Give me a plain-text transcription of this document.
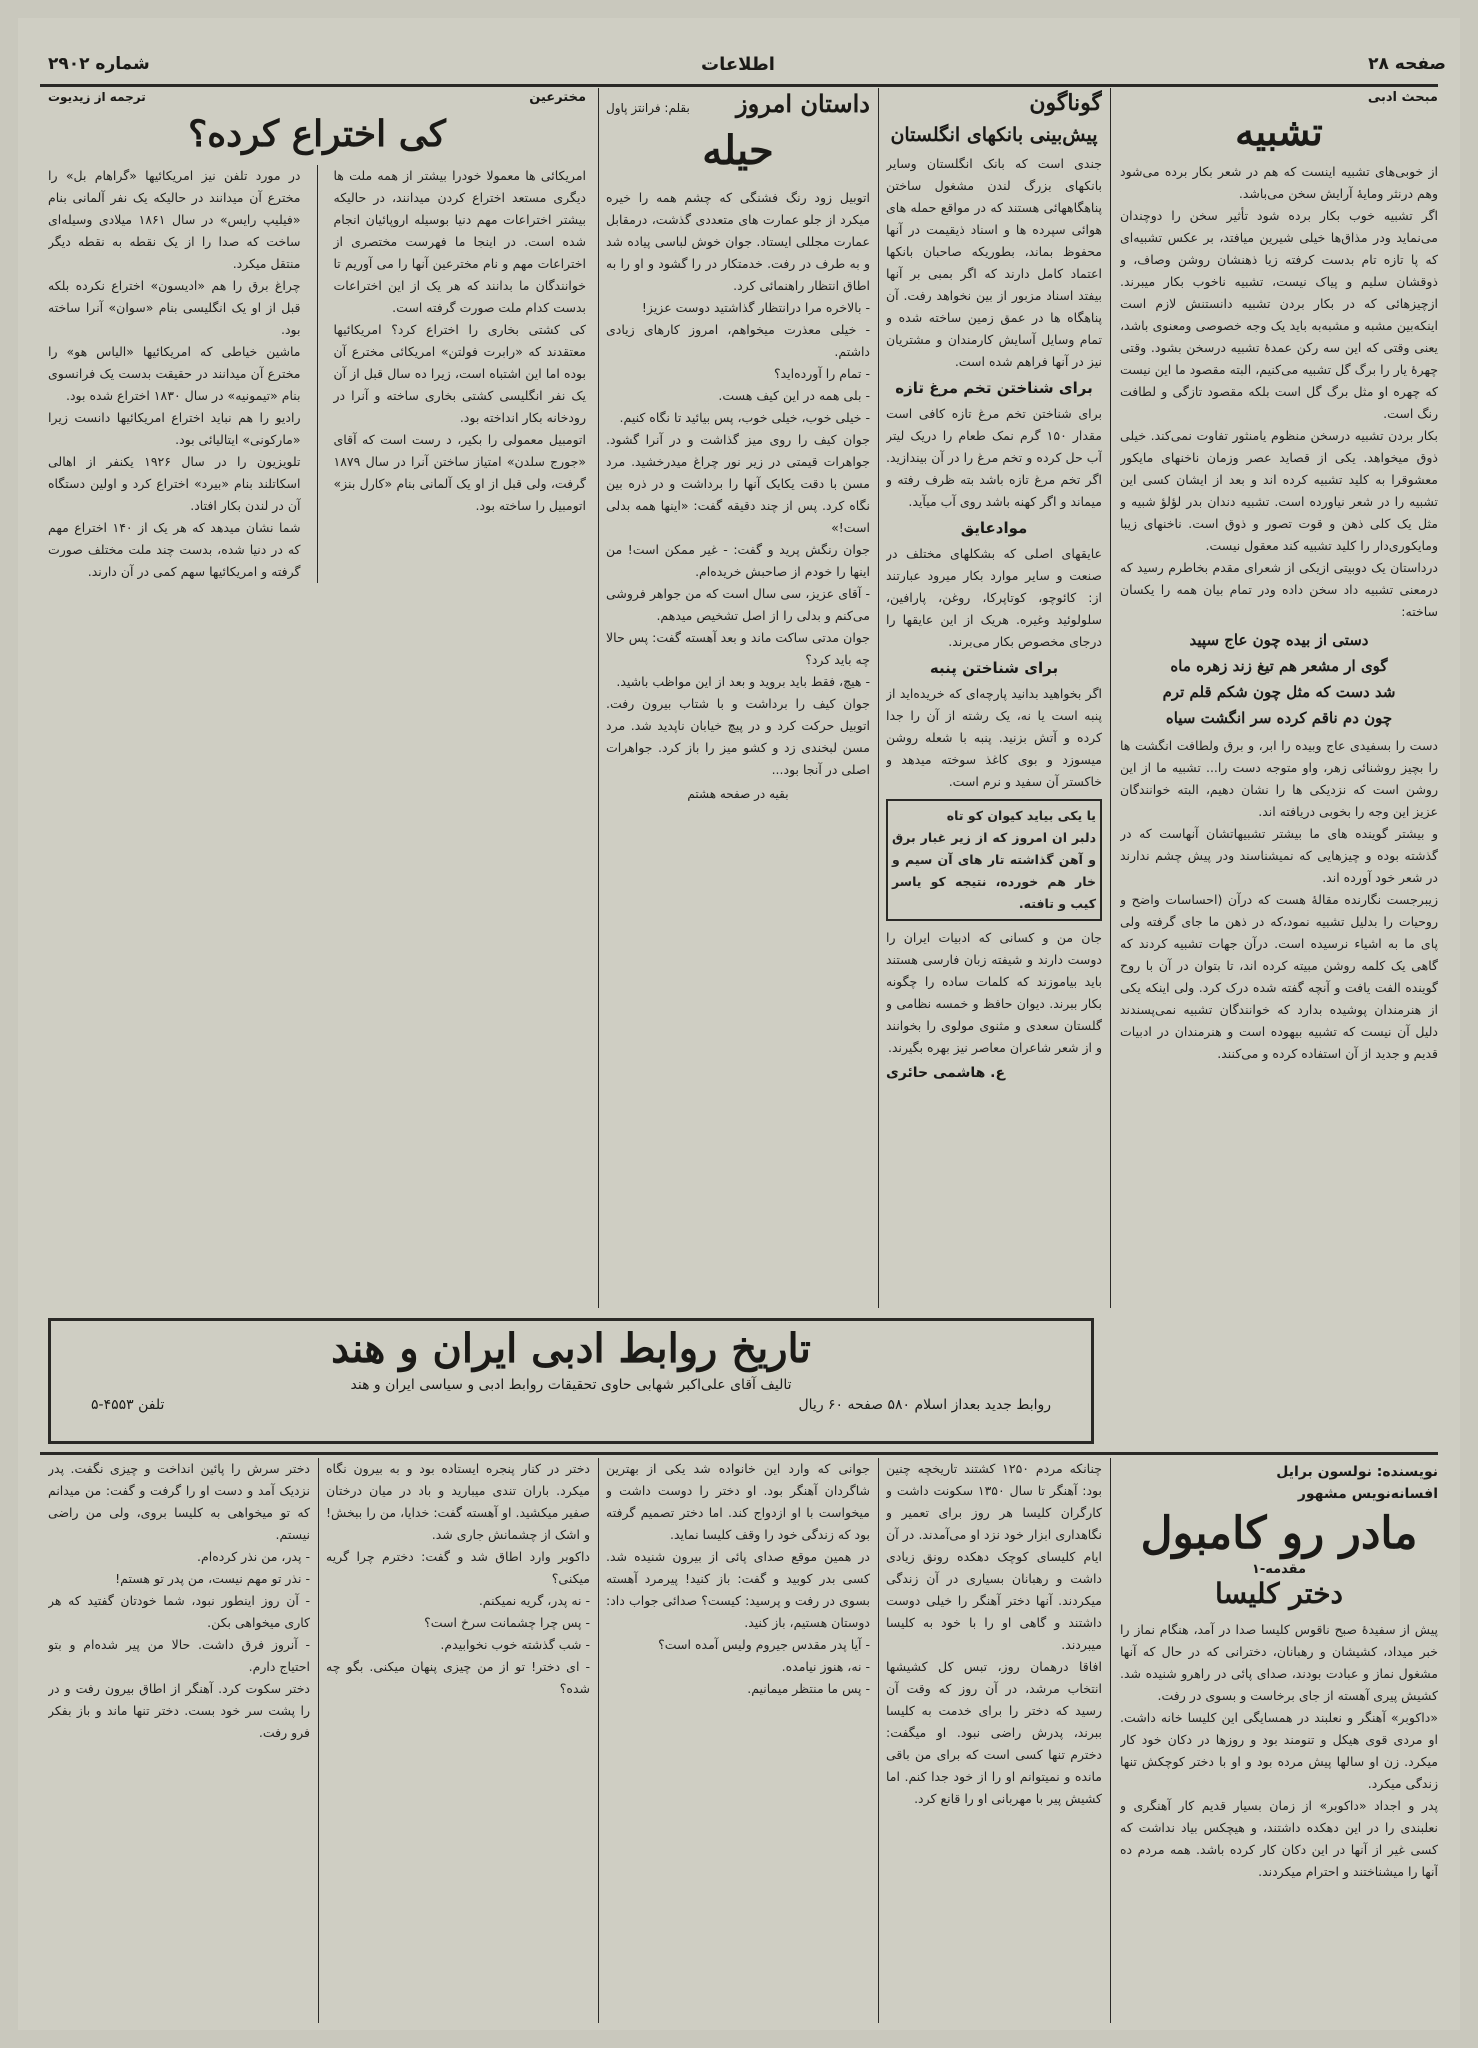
صفحه ۲۸
اطلاعات
شماره ۲۹۰۲
مبحث ادبی
تشبیه
از خوبی‌های تشبیه اینست که هم در شعر بکار برده می‌شود وهم درنثر ومایهٔ آرایش سخن می‌باشد.
اگر تشبیه خوب بکار برده شود تأثیر سخن را دوچندان می‌نماید ودر مذاق‌ها خیلی شیرین میافتد، بر عکس تشبیه‌ای که پا تازه تام بدست کرفته زیا ذهنشان روشن وصاف، و ذوقشان سلیم و پیاک نیست، تشبیه ناخوب بکار میبرند. ازچیزهائی که در بکار بردن تشبیه دانستنش لازم است اینکه‌بین مشبه و مشبه‌به باید یک وجه خصوصی ومعنوی باشد، یعنی وقتی که این سه رکن عمدهٔ تشبیه درسخن بشود. وقتی چهرهٔ یار را برگ گل تشبیه می‌کنیم، البته مقصود ما این نیست که چهره او مثل برگ گل است بلکه مقصود تازگی و لطافت رنگ است.
بکار بردن تشبیه درسخن منظوم یامنثور تفاوت نمی‌کند. خیلی ذوق میخواهد. یکی از قصاید عصر وزمان ناخنهای مایکور معشوقرا به کلید تشبیه کرده اند و بعد از ایشان کسی این تشبیه را در شعر نیاورده است. تشبیه دندان بدر لؤلؤ شبیه و مثل یک کلی ذهن و قوت تصور و ذوق است. ناخنهای زیبا ومایکوری‌دار را کلید تشبیه کند معقول نیست.
درداستان یک دوبیتی ازیکی از شعرای مقدم بخاطرم رسید که درمعنی تشبیه داد سخن داده ودر تمام بیان همه را یکسان ساخته:
دستی از بیده چون عاج سپید
گوی ار مشعر هم تیغ زند زهره ماه
شد دست که مثل چون شکم قلم ترم
چون دم ناقم کرده سر انگشت سیاه
دست را بسفیدی عاج وبیده را ابر، و برق ولطافت انگشت ها را بچیز روشنائی زهر، واو متوجه دست را... تشبیه ما از این روشن است که نزدیکی ها را نشان دهیم، البته خوانندگان عزیز این وجه را بخوبی دریافته اند.
و بیشتر گوینده های ما بیشتر تشبیهاتشان آنهاست که در گذشته بوده و چیزهایی که نمیشناسند ودر پیش چشم ندارند در شعر خود آورده اند.
زیبرجست نگارنده مقالهٔ هست که درآن (احساسات واضح و روحیات را بدلیل تشبیه نمود،که در ذهن ما جای گرفته ولی پای ما به اشیاء نرسیده است. درآن جهات تشبیه کردند که گاهی یک کلمه روشن مبیته کرده اند، تا بتوان در آن با روح گوینده الفت یافت و آنچه گفته شده درک کرد. ولی اینکه یکی از هنرمندان پوشیده بدارد که خوانندگان تشبیه نمی‌پسندند دلیل آن نیست که تشبیه بیهوده است و هنرمندان در ادبیات قدیم و جدید از آن استفاده کرده و می‌کنند.
گوناگون
پیش‌بینی بانکهای انگلستان
جندی است که بانک انگلستان وسایر بانکهای بزرگ لندن مشغول ساختن پناهگاههائی هستند که در مواقع حمله های هوائی سپرده ها و اسناد ذیقیمت در آنها محفوظ بماند، بطوریکه صاحبان بانکها اعتماد کامل دارند که اگر بمبی بر آنها بیفتد اسناد مزبور از بین نخواهد رفت. آن پناهگاه ها در عمق زمین ساخته شده و تمام وسایل آسایش کارمندان و مشتریان نیز در آنها فراهم شده است.
برای شناختن تخم مرغ تازه
برای شناختن تخم مرغ تازه کافی است مقدار ۱۵۰ گرم نمک طعام را دریک لیتر آب حل کرده و تخم مرغ را در آن بیندازید. اگر تخم مرغ تازه باشد بته ظرف رفته و میماند و اگر کهنه باشد روی آب میآید.
موادعایق
عایقهای اصلی که بشکلهای مختلف در صنعت و سایر موارد بکار میرود عبارتند از: کائوچو، کوتاپرکا، روغن، پارافین، سلولوئید وغیره. هریک از این عایقها را درجای مخصوص بکار می‌برند.
برای شناختن پنبه
اگر بخواهید بدانید پارچه‌ای که خریده‌اید از پنبه است یا نه، یک رشته از آن را جدا کرده و آتش بزنید. پنبه با شعله روشن میسوزد و بوی کاغذ سوخته میدهد و خاکستر آن سفید و نرم است.
یا یکی بیاید کیوان کو تاه
دلبر ان امروز که از زیر غبار برق و آهن گذاشته تار های آن سیم و خار هم خورده، نتیجه کو یاسر کیب و تافته.
جان من و کسانی که ادبیات ایران را دوست دارند و شیفته زبان فارسی هستند باید بیاموزند که کلمات ساده را چگونه بکار ببرند. دیوان حافظ و خمسه نظامی و گلستان سعدی و مثنوی مولوی را بخوانند و از شعر شاعران معاصر نیز بهره بگیرند.
ع. هاشمی حائری
داستان امروز
بقلم: فرانتز پاول
حیله
اتوبیل زود رنگ فشنگی که چشم همه را خیره میکرد از جلو عمارت های متعددی گذشت، درمقابل عمارت مجللی ایستاد. جوان خوش لباسی پیاده شد و به طرف در رفت. خدمتکار در را گشود و او را به اطاق انتظار راهنمائی کرد.
- بالاخره مرا درانتظار گذاشتید دوست عزیز!
- خیلی معذرت میخواهم، امروز کارهای زیادی داشتم.
- تمام را آورده‌اید؟
- بلی همه در این کیف هست.
- خیلی خوب، خیلی خوب، پس بیائید تا نگاه کنیم.
جوان کیف را روی میز گذاشت و در آنرا گشود. جواهرات قیمتی در زیر نور چراغ میدرخشید. مرد مسن با دقت یکایک آنها را برداشت و در ذره بین نگاه کرد. پس از چند دقیقه گفت: «اینها همه بدلی است!»
جوان رنگش پرید و گفت: - غیر ممکن است! من اینها را خودم از صاحبش خریده‌ام.
- آقای عزیز، سی سال است که من جواهر فروشی می‌کنم و بدلی را از اصل تشخیص میدهم.
جوان مدتی ساکت ماند و بعد آهسته گفت: پس حالا چه باید کرد؟
- هیچ، فقط باید بروید و بعد از این مواظب باشید.
جوان کیف را برداشت و با شتاب بیرون رفت. اتوبیل حرکت کرد و در پیچ خیابان ناپدید شد. مرد مسن لبخندی زد و کشو میز را باز کرد. جواهرات اصلی در آنجا بود...
بقیه در صفحه هشتم
مخترعین
ترجمه از زیدیوت
کی اختراع کرده؟
امریکائی ها معمولا خودرا بیشتر از همه ملت ها دیگری مستعد اختراع کردن میدانند، در حالیکه بیشتر اختراعات مهم دنیا بوسیله اروپائیان انجام شده است. در اینجا ما فهرست مختصری از اختراعات مهم و نام مخترعین آنها را می آوریم تا خوانندگان ما بدانند که هر یک از این اختراعات بدست کدام ملت صورت گرفته است.
کی کشتی بخاری را اختراع کرد؟ امریکائیها معتقدند که «رابرت فولتن» امریکائی مخترع آن بوده اما این اشتباه است، زیرا ده سال قبل از آن یک نفر انگلیسی کشتی بخاری ساخته و آنرا در رودخانه بکار انداخته بود.
اتومبیل معمولی را بکیر، د رست است که آقای «جورج سلدن» امتیاز ساختن آنرا در سال ۱۸۷۹ گرفت، ولی قبل از او یک آلمانی بنام «کارل بنز» اتومبیل را ساخته بود.
در مورد تلفن نیز امریکائیها «گراهام بل» را مخترع آن میدانند در حالیکه یک نفر آلمانی بنام «فیلیپ رایس» در سال ۱۸۶۱ میلادی وسیله‌ای ساخت که صدا را از یک نقطه به نقطه دیگر منتقل میکرد.
چراغ برق را هم «ادیسون» اختراع نکرده بلکه قبل از او یک انگلیسی بنام «سوان» آنرا ساخته بود.
ماشین خیاطی که امریکائیها «الیاس هو» را مخترع آن میدانند در حقیقت بدست یک فرانسوی بنام «تیمونیه» در سال ۱۸۳۰ اختراع شده بود.
رادیو را هم نباید اختراع امریکائیها دانست زیرا «مارکونی» ایتالیائی بود.
تلویزیون را در سال ۱۹۲۶ یکنفر از اهالی اسکاتلند بنام «بیرد» اختراع کرد و اولین دستگاه آن در لندن بکار افتاد.
شما نشان میدهد که هر یک از ۱۴۰ اختراع مهم که در دنیا شده، بدست چند ملت مختلف صورت گرفته و امریکائیها سهم کمی در آن دارند.
تاریخ روابط ادبی ایران و هند
تالیف آقای علی‌اکبر شهابی حاوی تحقیقات روابط ادبی و سیاسی ایران و هند
روابط جدید بعداز اسلام ۵۸۰ صفحه ۶۰ ریال
تلفن ۴۵۵۳-۵
نویسنده: نولسون برایل
افسانه‌نویس مشهور
مادر رو کامبول
مقدمه-۱
دختر کلیسا
پیش از سفیدهٔ صبح ناقوس کلیسا صدا در آمد، هنگام نماز را خبر میداد، کشیشان و رهبانان، دخترانی که در حال که آنها مشغول نماز و عبادت بودند، صدای پائی در راهرو شنیده شد. کشیش پیری آهسته از جای برخاست و بسوی در رفت.
«داکوبر» آهنگر و نعلبند در همسایگی این کلیسا خانه داشت. او مردی قوی هیکل و تنومند بود و روزها در دکان خود کار میکرد. زن او سالها پیش مرده بود و او با دختر کوچکش تنها زندگی میکرد.
پدر و اجداد «داکوبر» از زمان بسیار قدیم کار آهنگری و نعلبندی را در این دهکده داشتند، و هیچکس بیاد نداشت که کسی غیر از آنها در این دکان کار کرده باشد. همه مردم ده آنها را میشناختند و احترام میکردند.
چنانکه مردم ۱۲۵۰ کشتند تاریخچه چنین بود: آهنگر تا سال ۱۳۵۰ سکونت داشت و کارگران کلیسا هر روز برای تعمیر و نگاهداری ابزار خود نزد او می‌آمدند. در آن ایام کلیسای کوچک دهکده رونق زیادی داشت و رهبانان بسیاری در آن زندگی میکردند. آنها دختر آهنگر را خیلی دوست داشتند و گاهی او را با خود به کلیسا میبردند.
افاقا درهمان روز، تبس کل کشیشها انتخاب مرشد، در آن روز که وقت آن رسید که دختر را برای خدمت به کلیسا ببرند، پدرش راضی نبود. او میگفت: دخترم تنها کسی است که برای من باقی مانده و نمیتوانم او را از خود جدا کنم. اما کشیش پیر با مهربانی او را قانع کرد.
جوانی که وارد این خانواده شد یکی از بهترین شاگردان آهنگر بود. او دختر را دوست داشت و میخواست با او ازدواج کند. اما دختر تصمیم گرفته بود که زندگی خود را وقف کلیسا نماید.
در همین موقع صدای پائی از بیرون شنیده شد. کسی بدر کوبید و گفت: باز کنید! پیرمرد آهسته بسوی در رفت و پرسید: کیست؟ صدائی جواب داد: دوستان هستیم، باز کنید.
- آیا پدر مقدس جیروم ولیس آمده است؟
- نه، هنوز نیامده.
- پس ما منتظر میمانیم.
دختر در کنار پنجره ایستاده بود و به بیرون نگاه میکرد. باران تندی میبارید و باد در میان درختان صفیر میکشید. او آهسته گفت: خدایا، من را ببخش! و اشک از چشمانش جاری شد.
داکوبر وارد اطاق شد و گفت: دخترم چرا گریه میکنی؟
- نه پدر، گریه نمیکنم.
- پس چرا چشمانت سرخ است؟
- شب گذشته خوب نخوابیدم.
- ای دختر! تو از من چیزی پنهان میکنی. بگو چه شده؟
دختر سرش را پائین انداخت و چیزی نگفت. پدر نزدیک آمد و دست او را گرفت و گفت: من میدانم که تو میخواهی به کلیسا بروی، ولی من راضی نیستم.
- پدر، من نذر کرده‌ام.
- نذر تو مهم نیست، من پدر تو هستم!
- آن روز اینطور نبود، شما خودتان گفتید که هر کاری میخواهی بکن.
- آنروز فرق داشت. حالا من پیر شده‌ام و بتو احتیاج دارم.
دختر سکوت کرد. آهنگر از اطاق بیرون رفت و در را پشت سر خود بست. دختر تنها ماند و باز بفکر فرو رفت.
